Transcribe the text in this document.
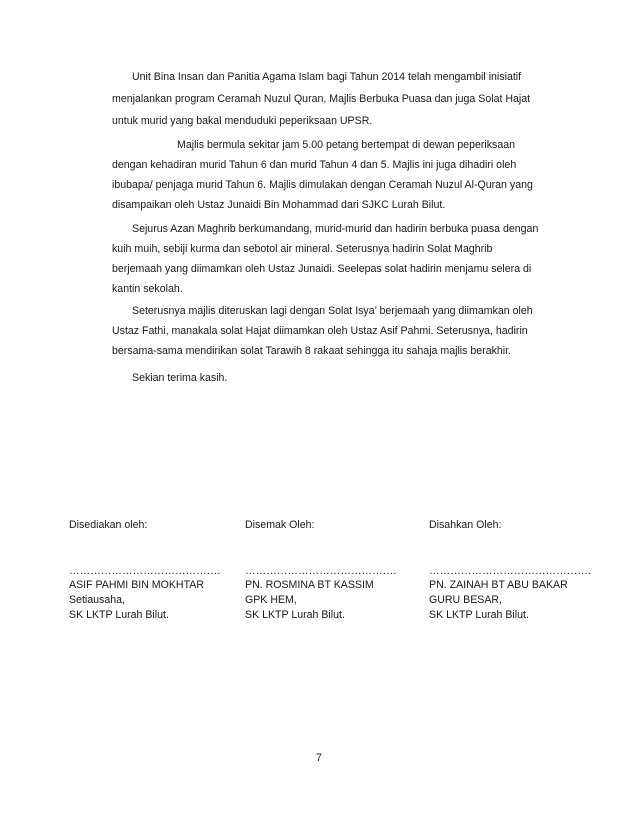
Unit Bina Insan dan Panitia Agama Islam bagi Tahun 2014 telah mengambil inisiatif
menjalankan program Ceramah Nuzul Quran, Majlis Berbuka Puasa dan juga Solat Hajat
untuk murid yang bakal menduduki peperiksaan UPSR.
Majlis bermula sekitar jam 5.00 petang bertempat di dewan peperiksaan
dengan kehadiran murid Tahun 6 dan murid Tahun 4 dan 5. Majlis ini juga dihadiri oleh
ibubapa/ penjaga murid Tahun 6. Majlis dimulakan dengan Ceramah Nuzul Al-Quran yang
disampaikan oleh Ustaz Junaidi Bin Mohammad dari SJKC Lurah Bilut.
Sejurus Azan Maghrib berkumandang, murid-murid dan hadirin berbuka puasa dengan
kuih muih, sebiji kurma dan sebotol air mineral. Seterusnya hadirin Solat Maghrib
berjemaah yang diimamkan oleh Ustaz Junaidi. Seelepas solat hadirin menjamu selera di
kantin sekolah.
Seterusnya majlis diteruskan lagi dengan Solat Isya’ berjemaah yang diimamkan oleh
Ustaz Fathi, manakala solat Hajat diimamkan oleh Ustaz Asif Pahmi. Seterusnya, hadirin
bersama-sama mendirikan solat Tarawih 8 rakaat sehingga itu sahaja majlis berakhir.
Sekian terima kasih.
Disediakan oleh:
…………………………………….
ASIF PAHMI BIN MOKHTAR
Setiausaha,
SK LKTP Lurah Bilut.
Disemak Oleh:
…………………………………….
PN. ROSMINA BT KASSIM
GPK HEM,
SK LKTP Lurah Bilut.
Disahkan Oleh:
……………………………………….
PN. ZAINAH BT ABU BAKAR
GURU BESAR,
SK LKTP Lurah Bilut.
7
